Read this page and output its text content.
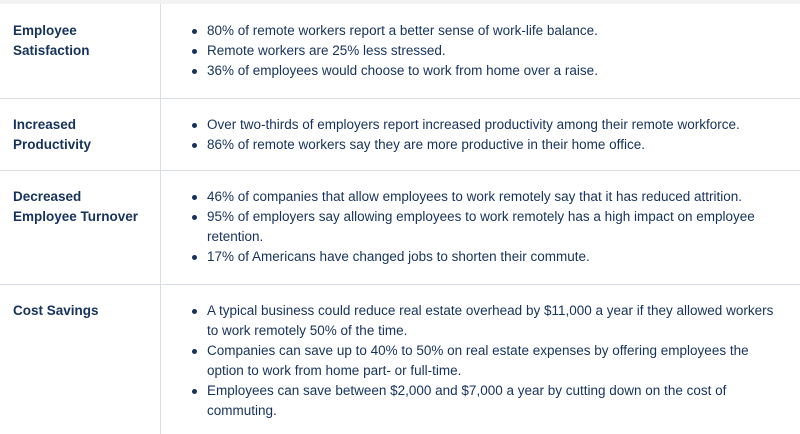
Employee Satisfaction
80% of remote workers report a better sense of work-life balance.
Remote workers are 25% less stressed.
36% of employees would choose to work from home over a raise.
Increased Productivity
Over two-thirds of employers report increased productivity among their remote workforce.
86% of remote workers say they are more productive in their home office.
Decreased Employee Turnover
46% of companies that allow employees to work remotely say that it has reduced attrition.
95% of employers say allowing employees to work remotely has a high impact on employee retention.
17% of Americans have changed jobs to shorten their commute.
Cost Savings	A typical business could reduce real estate overhead by $11,000 a year if they allowed workers to work remotely 50% of the time.
Companies can save up to 40% to 50% on real estate expenses by offering employees the option to work from home part- or full-time.
Employees can save between $2,000 and $7,000 a year by cutting down on the cost of commuting.
